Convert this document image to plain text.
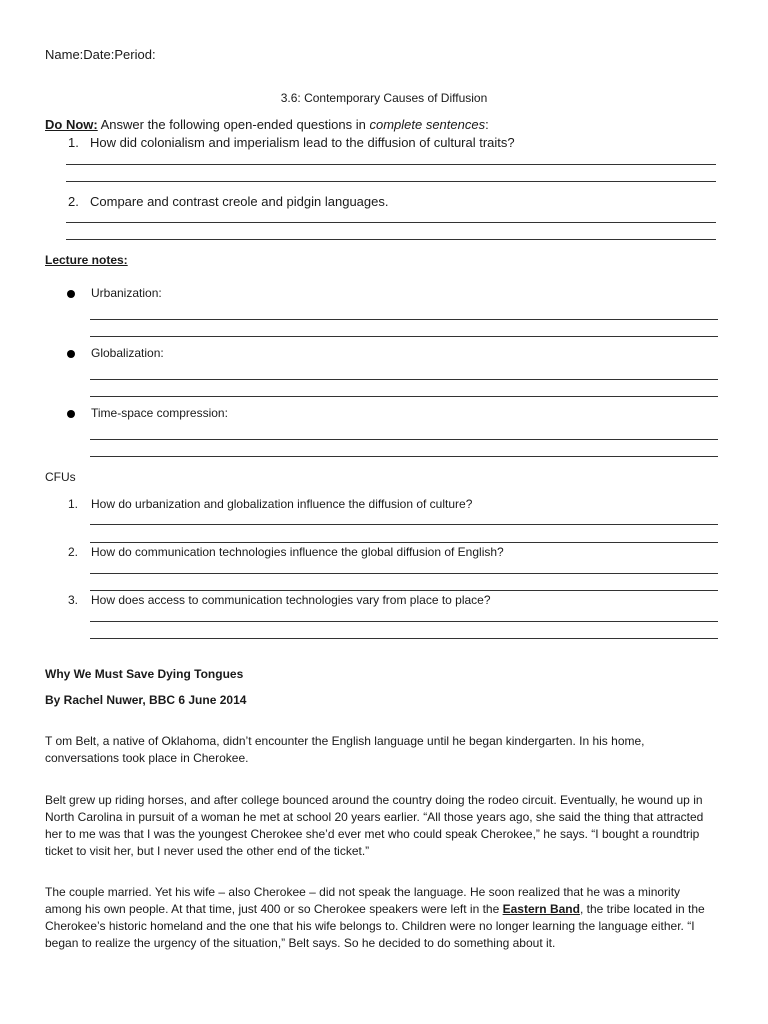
Name:Date:Period:
3.6: Contemporary Causes of Diffusion
Do Now: Answer the following open-ended questions in complete sentences:
1. How did colonialism and imperialism lead to the diffusion of cultural traits?
2. Compare and contrast creole and pidgin languages.
Lecture notes:
Urbanization:
Globalization:
Time-space compression:
CFUs
1. How do urbanization and globalization influence the diffusion of culture?
2. How do communication technologies influence the global diffusion of English?
3. How does access to communication technologies vary from place to place?
Why We Must Save Dying Tongues
By Rachel Nuwer, BBC 6 June 2014
T om Belt, a native of Oklahoma, didn’t encounter the English language until he began kindergarten. In his home, conversations took place in Cherokee.
Belt grew up riding horses, and after college bounced around the country doing the rodeo circuit. Eventually, he wound up in North Carolina in pursuit of a woman he met at school 20 years earlier. “All those years ago, she said the thing that attracted her to me was that I was the youngest Cherokee she’d ever met who could speak Cherokee,” he says. “I bought a roundtrip ticket to visit her, but I never used the other end of the ticket.”
The couple married. Yet his wife – also Cherokee – did not speak the language. He soon realized that he was a minority among his own people. At that time, just 400 or so Cherokee speakers were left in the Eastern Band, the tribe located in the Cherokee’s historic homeland and the one that his wife belongs to. Children were no longer learning the language either. “I began to realize the urgency of the situation,” Belt says. So he decided to do something about it.
